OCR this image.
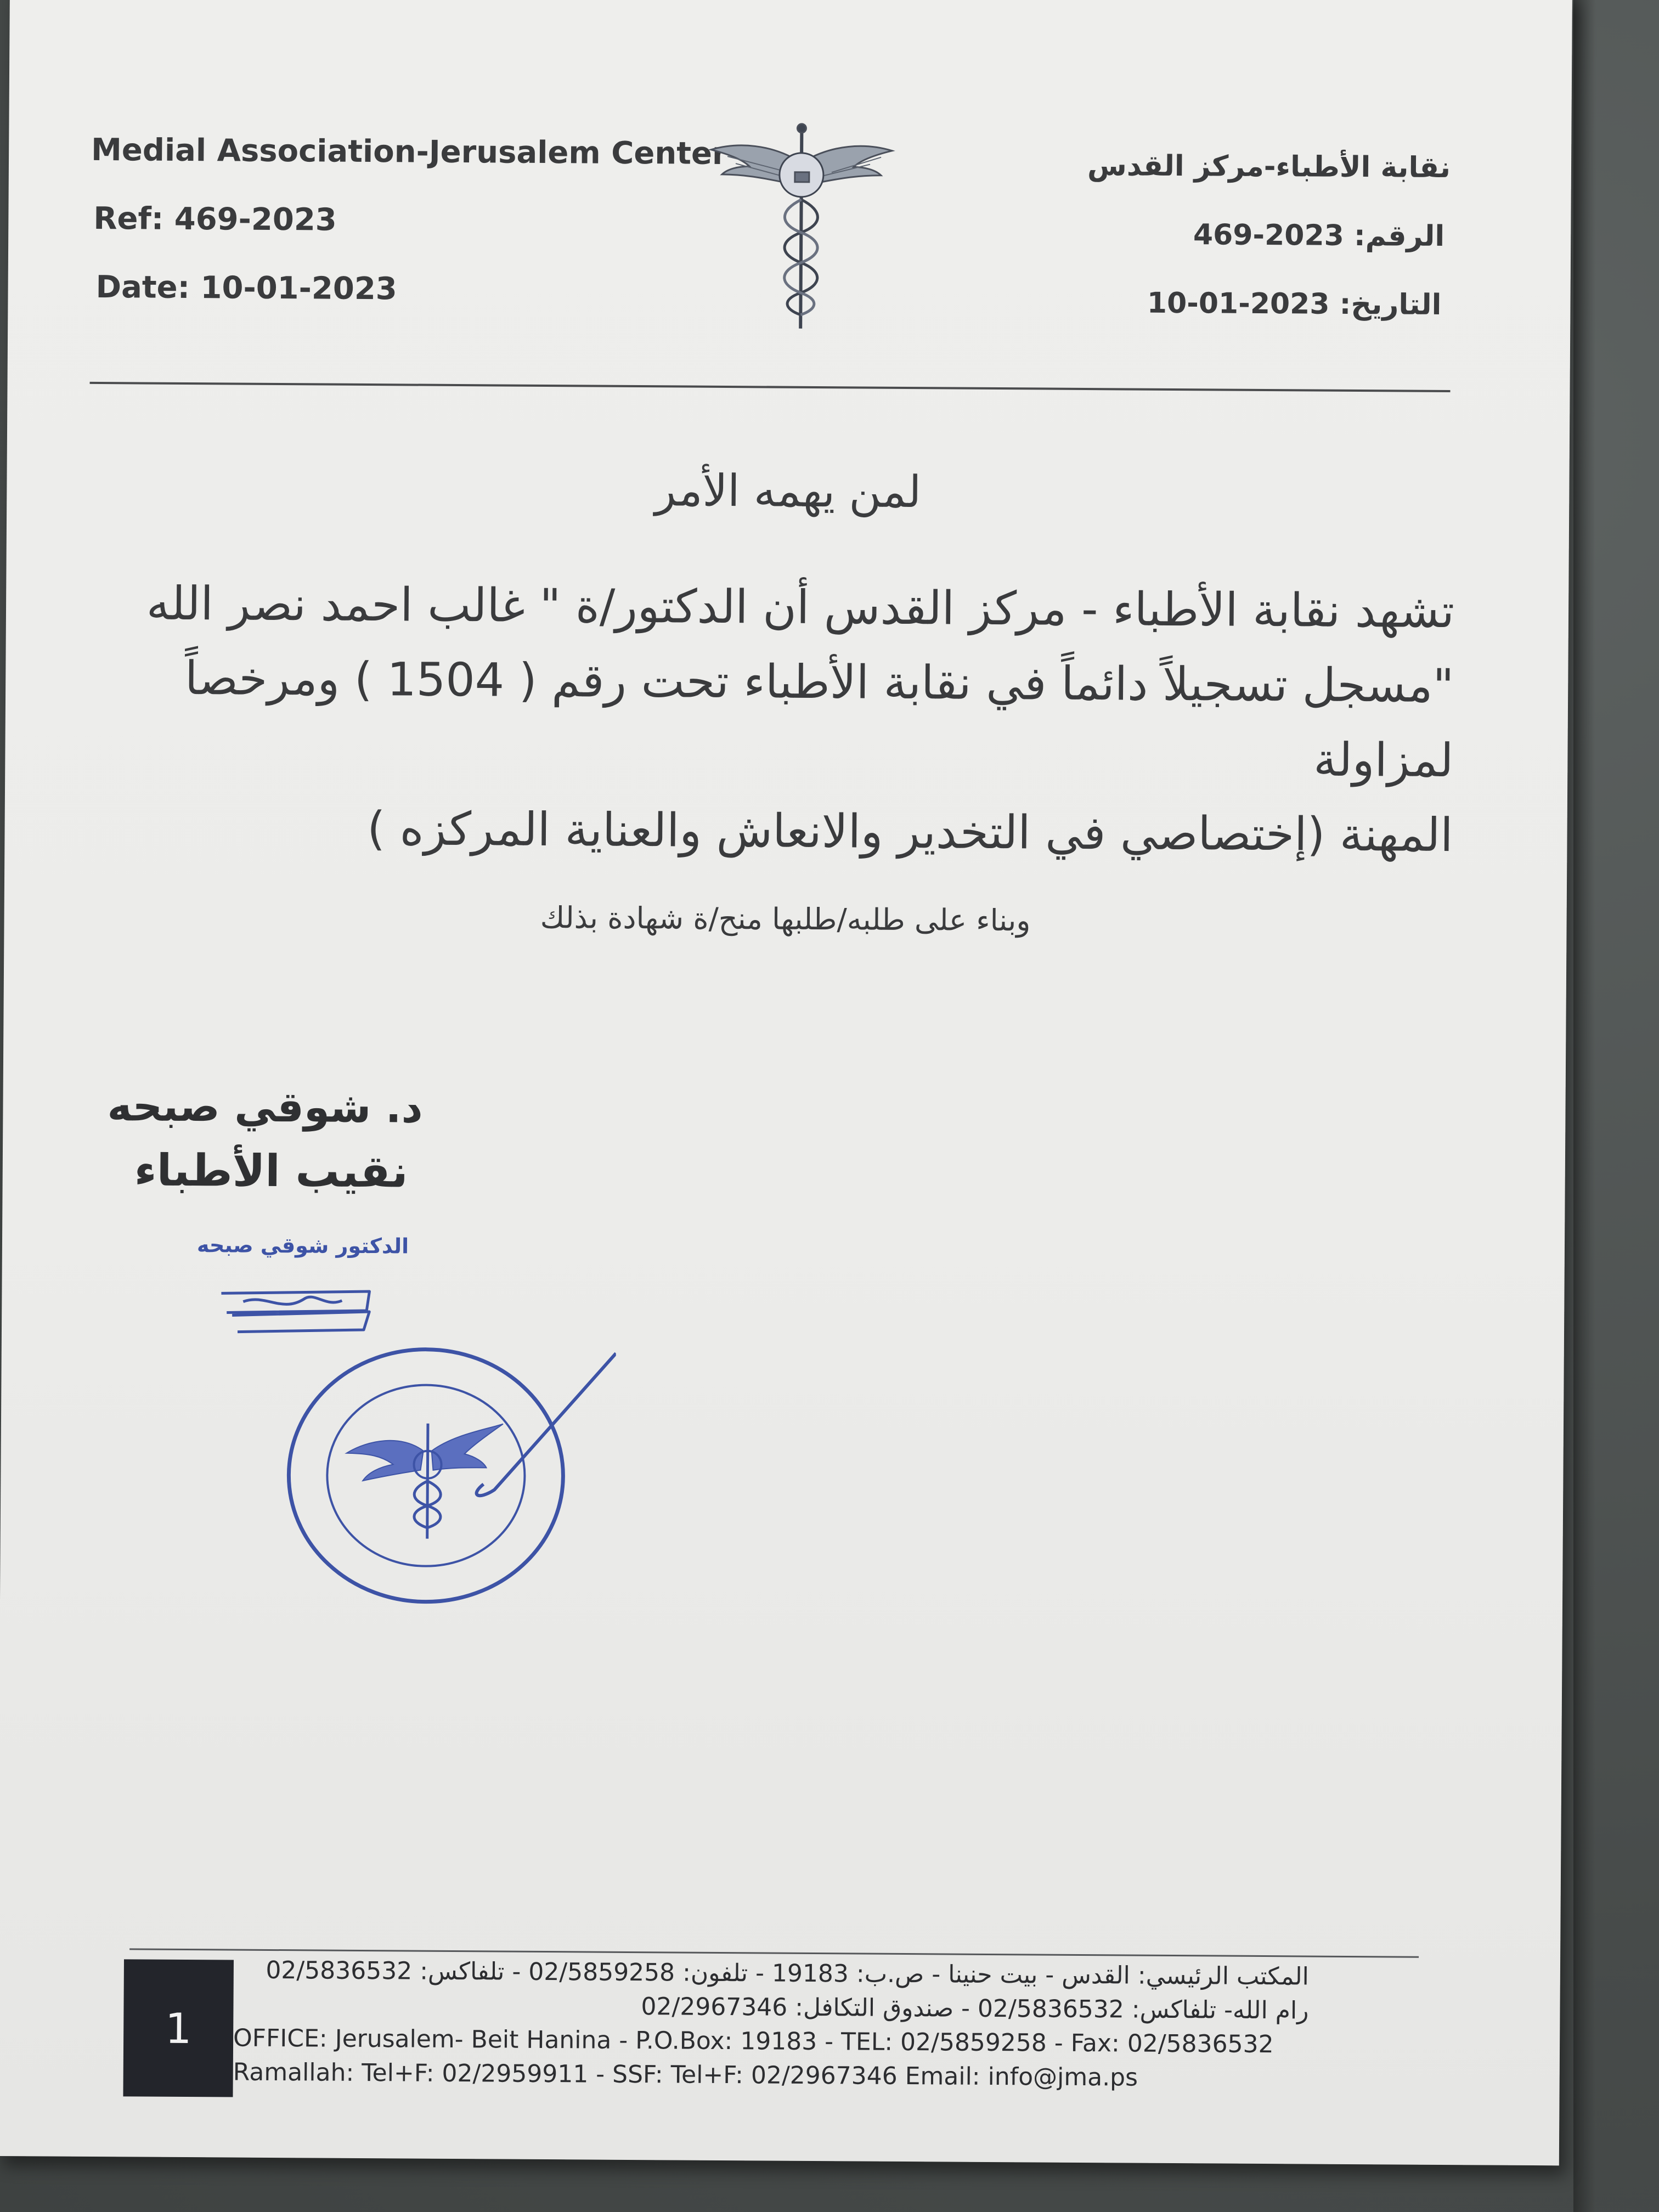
Medial Association-Jerusalem Center
Ref: 469-2023
Date: 10-01-2023
نقابة الأطباء-مركز القدس
الرقم: 2023-469
التاريخ: 2023-01-10
لمن يهمه الأمر
تشهد نقابة الأطباء - مركز القدس أن الدكتور/ة " غالب احمد نصر الله
"مسجل تسجيلاً دائماً في نقابة الأطباء تحت رقم ( 1504 ) ومرخصاً لمزاولة
المهنة (إختصاصي في التخدير والانعاش والعناية المركزه )
وبناء على طلبه/طلبها منح/ة شهادة بذلك
د. شوقي صبحه
نقيب الأطباء
الدكتور شوقي صبحه
1
المكتب الرئيسي: القدس - بيت حنينا - ص.ب: 19183 - تلفون: 02/5859258 - تلفاكس: 02/5836532
رام الله- تلفاكس: 02/5836532 - صندوق التكافل: 02/2967346
OFFICE: Jerusalem- Beit Hanina - P.O.Box: 19183 - TEL: 02/5859258 - Fax: 02/5836532
Ramallah: Tel+F: 02/2959911 - SSF: Tel+F: 02/2967346 Email: info@jma.ps
